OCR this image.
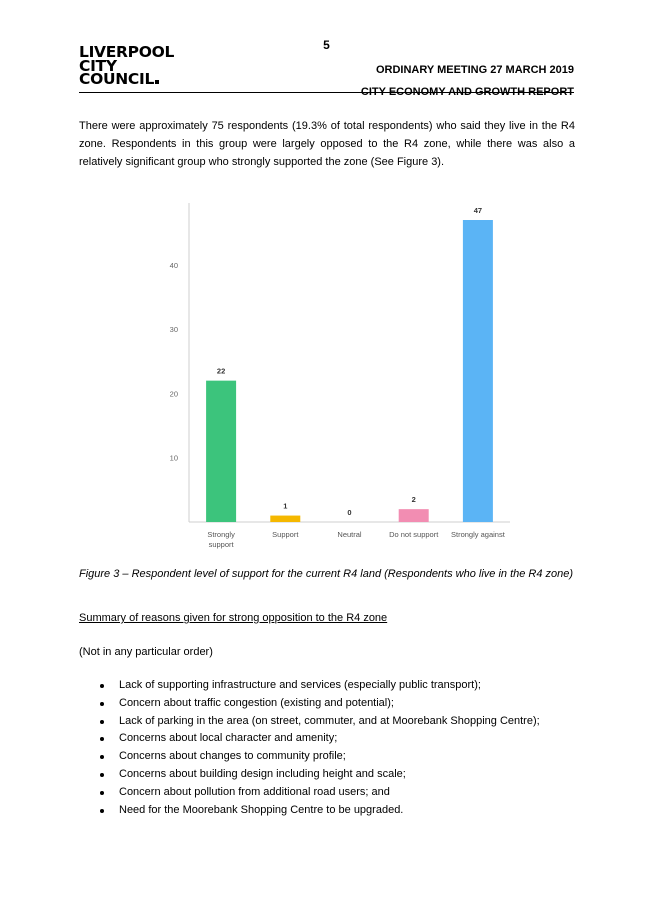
5
LIVERPOOL
CITY
COUNCIL	ORDINARY MEETING 27 MARCH 2019
CITY ECONOMY AND GROWTH REPORT

There were approximately 75 respondents (19.3% of total respondents) who said they live in the R4 zone. Respondents in this group were largely opposed to the R4 zone, while there was also a relatively significant group who strongly supported the zone (See Figure 3).

10
20
30
40
22
Strongly
support
1
Support
0
Neutral
2
Do not support
47
Strongly against
Figure 3 – Respondent level of support for the current R4 land (Respondents who live in the R4 zone)
Summary of reasons given for strong opposition to the R4 zone
(Not in any particular order)
Lack of supporting infrastructure and services (especially public transport);
Concern about traffic congestion (existing and potential);
Lack of parking in the area (on street, commuter, and at Moorebank Shopping Centre);
Concerns about local character and amenity;
Concerns about changes to community profile;
Concerns about building design including height and scale;
Concern about pollution from additional road users; and
Need for the Moorebank Shopping Centre to be upgraded.
